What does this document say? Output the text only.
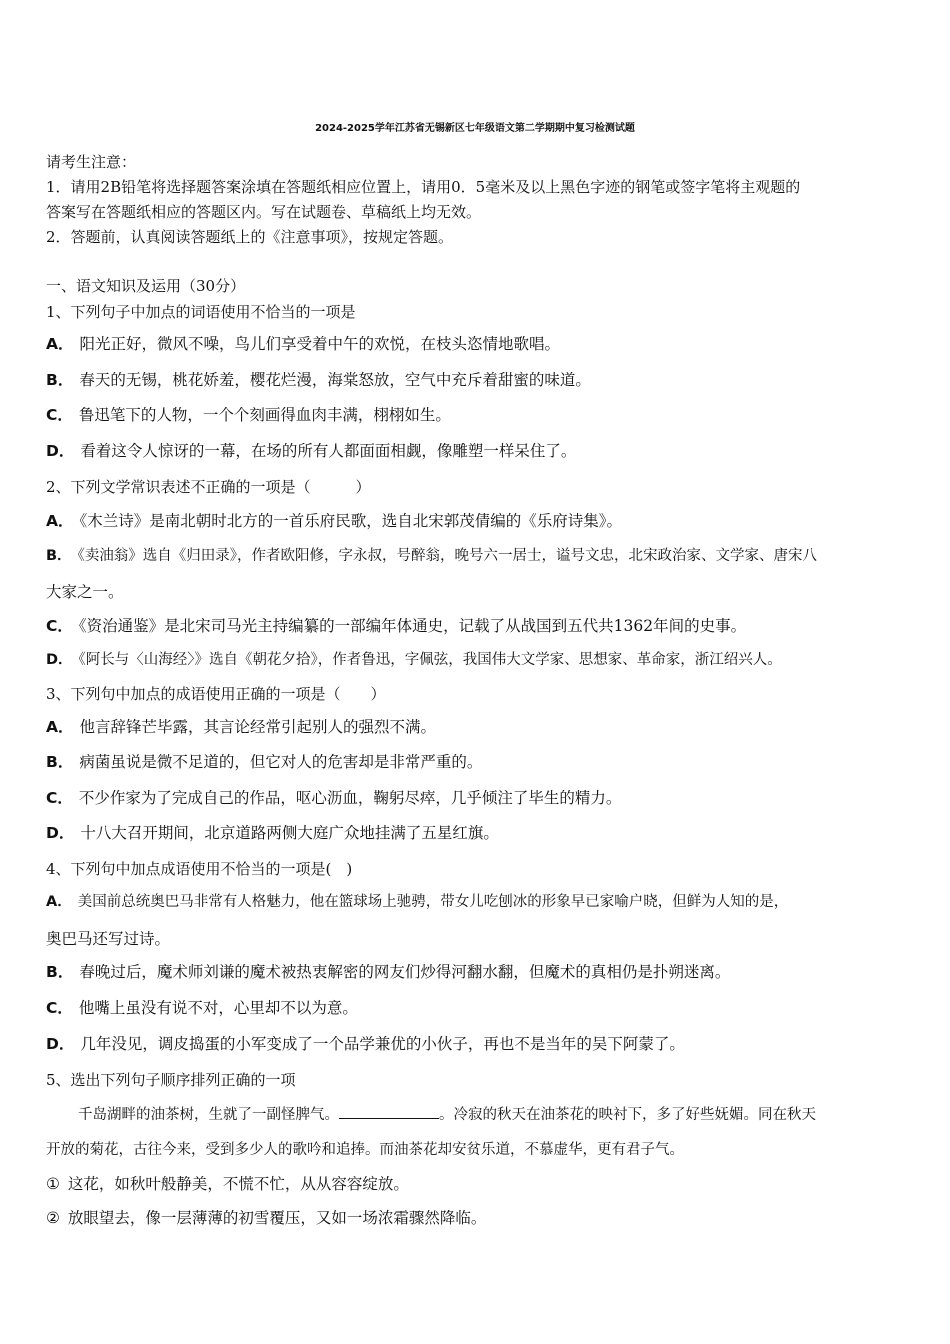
2024-2025学年江苏省无锡新区七年级语文第二学期期中复习检测试题
请考生注意：
1．请用2B铅笔将选择题答案涂填在答题纸相应位置上，请用0．5毫米及以上黑色字迹的钢笔或签字笔将主观题的
答案写在答题纸相应的答题区内。写在试题卷、草稿纸上均无效。
2．答题前，认真阅读答题纸上的《注意事项》，按规定答题。
一、语文知识及运用（30分）
1、下列句子中加点的词语使用不恰当的一项是
A． 阳光正好，微风不噪，鸟儿们享受着中午的欢悦，在枝头恣情地歌唱。
B． 春天的无锡，桃花娇羞，樱花烂漫，海棠怒放，空气中充斥着甜蜜的味道。
C． 鲁迅笔下的人物，一个个刻画得血肉丰满，栩栩如生。
D． 看着这令人惊讶的一幕，在场的所有人都面面相觑，像雕塑一样呆住了。
2、下列文学常识表述不正确的一项是（　　　）
A． 《木兰诗》是南北朝时北方的一首乐府民歌，选自北宋郭茂倩编的《乐府诗集》。
B． 《卖油翁》选自《归田录》，作者欧阳修，字永叔，号醉翁，晚号六一居士，谥号文忠，北宋政治家、文学家、唐宋八
大家之一。
C． 《资治通鉴》是北宋司马光主持编纂的一部编年体通史，记载了从战国到五代共1362年间的史事。
D． 《阿长与〈山海经〉》选自《朝花夕拾》，作者鲁迅，字佩弦，我国伟大文学家、思想家、革命家，浙江绍兴人。
3、下列句中加点的成语使用正确的一项是（　　）
A． 他言辞锋芒毕露，其言论经常引起别人的强烈不满。
B． 病菌虽说是微不足道的，但它对人的危害却是非常严重的。
C． 不少作家为了完成自己的作品，呕心沥血，鞠躬尽瘁，几乎倾注了毕生的精力。
D． 十八大召开期间，北京道路两侧大庭广众地挂满了五星红旗。
4、下列句中加点成语使用不恰当的一项是(　)
A． 美国前总统奥巴马非常有人格魅力，他在篮球场上驰骋，带女儿吃刨冰的形象早已家喻户晓，但鲜为人知的是，
奥巴马还写过诗。
B． 春晚过后，魔术师刘谦的魔术被热衷解密的网友们炒得河翻水翻，但魔术的真相仍是扑朔迷离。
C． 他嘴上虽没有说不对，心里却不以为意。
D． 几年没见，调皮捣蛋的小军变成了一个品学兼优的小伙子，再也不是当年的吴下阿蒙了。
5、选出下列句子顺序排列正确的一项
千岛湖畔的油茶树，生就了一副怪脾气。	。冷寂的秋天在油茶花的映衬下，多了好些妩媚。同在秋天
开放的菊花，古往今来，受到多少人的歌吟和追捧。而油茶花却安贫乐道，不慕虚华，更有君子气。
① 这花，如秋叶般静美，不慌不忙，从从容容绽放。
② 放眼望去，像一层薄薄的初雪覆压，又如一场浓霜骤然降临。
